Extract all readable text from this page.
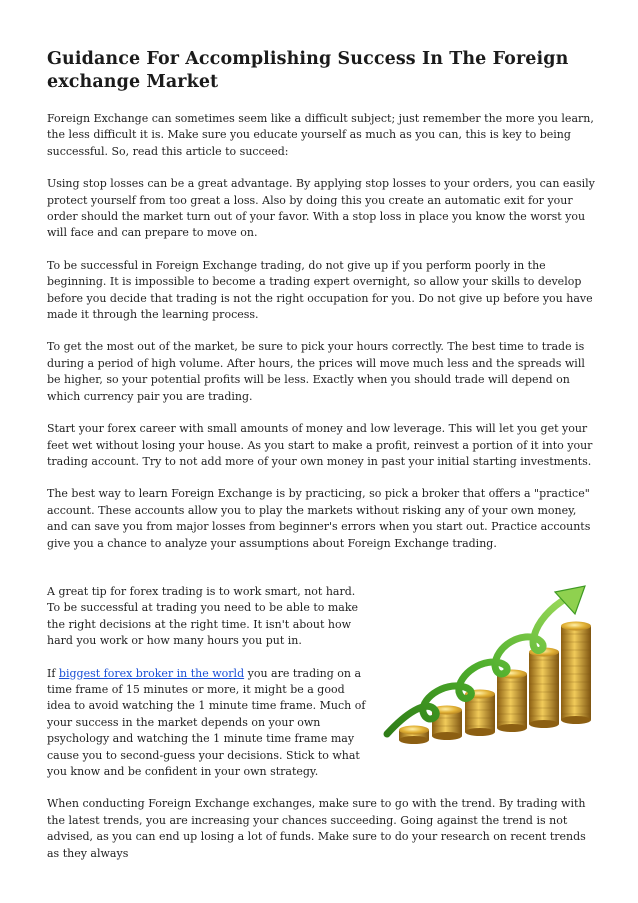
Guidance For Accomplishing Success In The Foreign exchange Market

Foreign Exchange can sometimes seem like a difficult subject; just remember the more you learn, the less difficult it is. Make sure you educate yourself as much as you can, this is key to being successful. So, read this article to succeed:

Using stop losses can be a great advantage. By applying stop losses to your orders, you can easily protect yourself from too great a loss. Also by doing this you create an automatic exit for your order should the market turn out of your favor. With a stop loss in place you know the worst you will face and can prepare to move on.

To be successful in Foreign Exchange trading, do not give up if you perform poorly in the beginning. It is impossible to become a trading expert overnight, so allow your skills to develop before you decide that trading is not the right occupation for you. Do not give up before you have made it through the learning process.

To get the most out of the market, be sure to pick your hours correctly. The best time to trade is during a period of high volume. After hours, the prices will move much less and the spreads will be higher, so your potential profits will be less. Exactly when you should trade will depend on which currency pair you are trading.

Start your forex career with small amounts of money and low leverage. This will let you get your feet wet without losing your house. As you start to make a profit, reinvest a portion of it into your trading account. Try to not add more of your own money in past your initial starting investments.

The best way to learn Foreign Exchange is by practicing, so pick a broker that offers a "practice" account. These accounts allow you to play the markets without risking any of your own money, and can save you from major losses from beginner's errors when you start out. Practice accounts give you a chance to analyze your assumptions about Foreign Exchange trading.

A great tip for forex trading is to work smart, not hard. To be successful at trading you need to be able to make the right decisions at the right time. It isn't about how hard you work or how many hours you put in.

If biggest forex broker in the world you are trading on a time frame of 15 minutes or more, it might be a good idea to avoid watching the 1 minute time frame. Much of your success in the market depends on your own psychology and watching the 1 minute time frame may cause you to second-guess your decisions. Stick to what you know and be confident in your own strategy.

When conducting Foreign Exchange exchanges, make sure to go with the trend. By trading with the latest trends, you are increasing your chances succeeding. Going against the trend is not advised, as you can end up losing a lot of funds. Make sure to do your research on recent trends as they always
